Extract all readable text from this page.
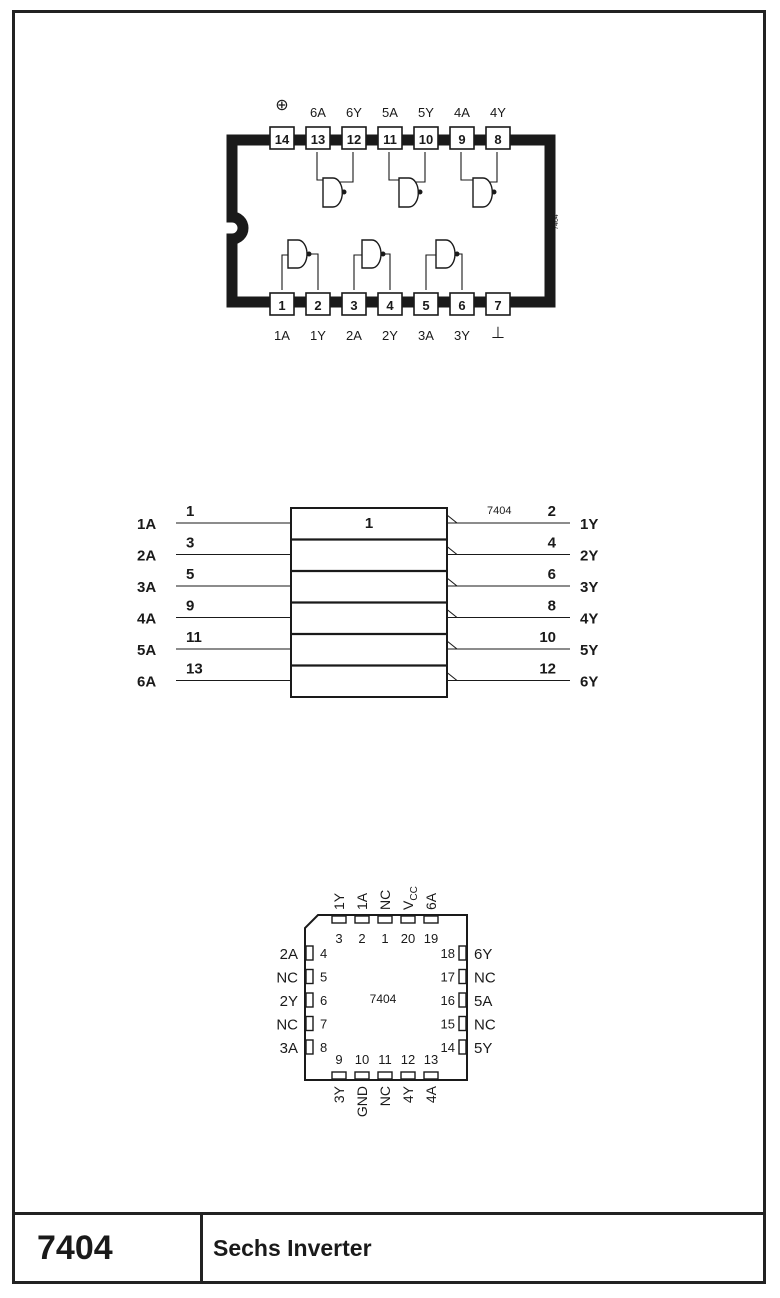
14
⊕
13
6A
12
6Y
11
5A
10
5Y
9
4A
8
4Y
1
1A
2
1Y
3
2A
4
2Y
5
3A
6
3Y
7
⊥
7404
1
7404
1A
1
2A
3
3A
5
4A
9
5A
11
6A
13
1Y
2
2Y
4
3Y
6
4Y
8
5Y
10
6Y
12
7404
3
1Y
2
1A
1
NC
20
$V_{CC}$
19
6A
9
3Y
10
GND
11
NC
12
4Y
13
4A
4
2A
5
NC
6
2Y
7
NC
8
3A
18 6Y
17 NC
16 5A
15 NC
14 5Y
7404	Sechs Inverter
